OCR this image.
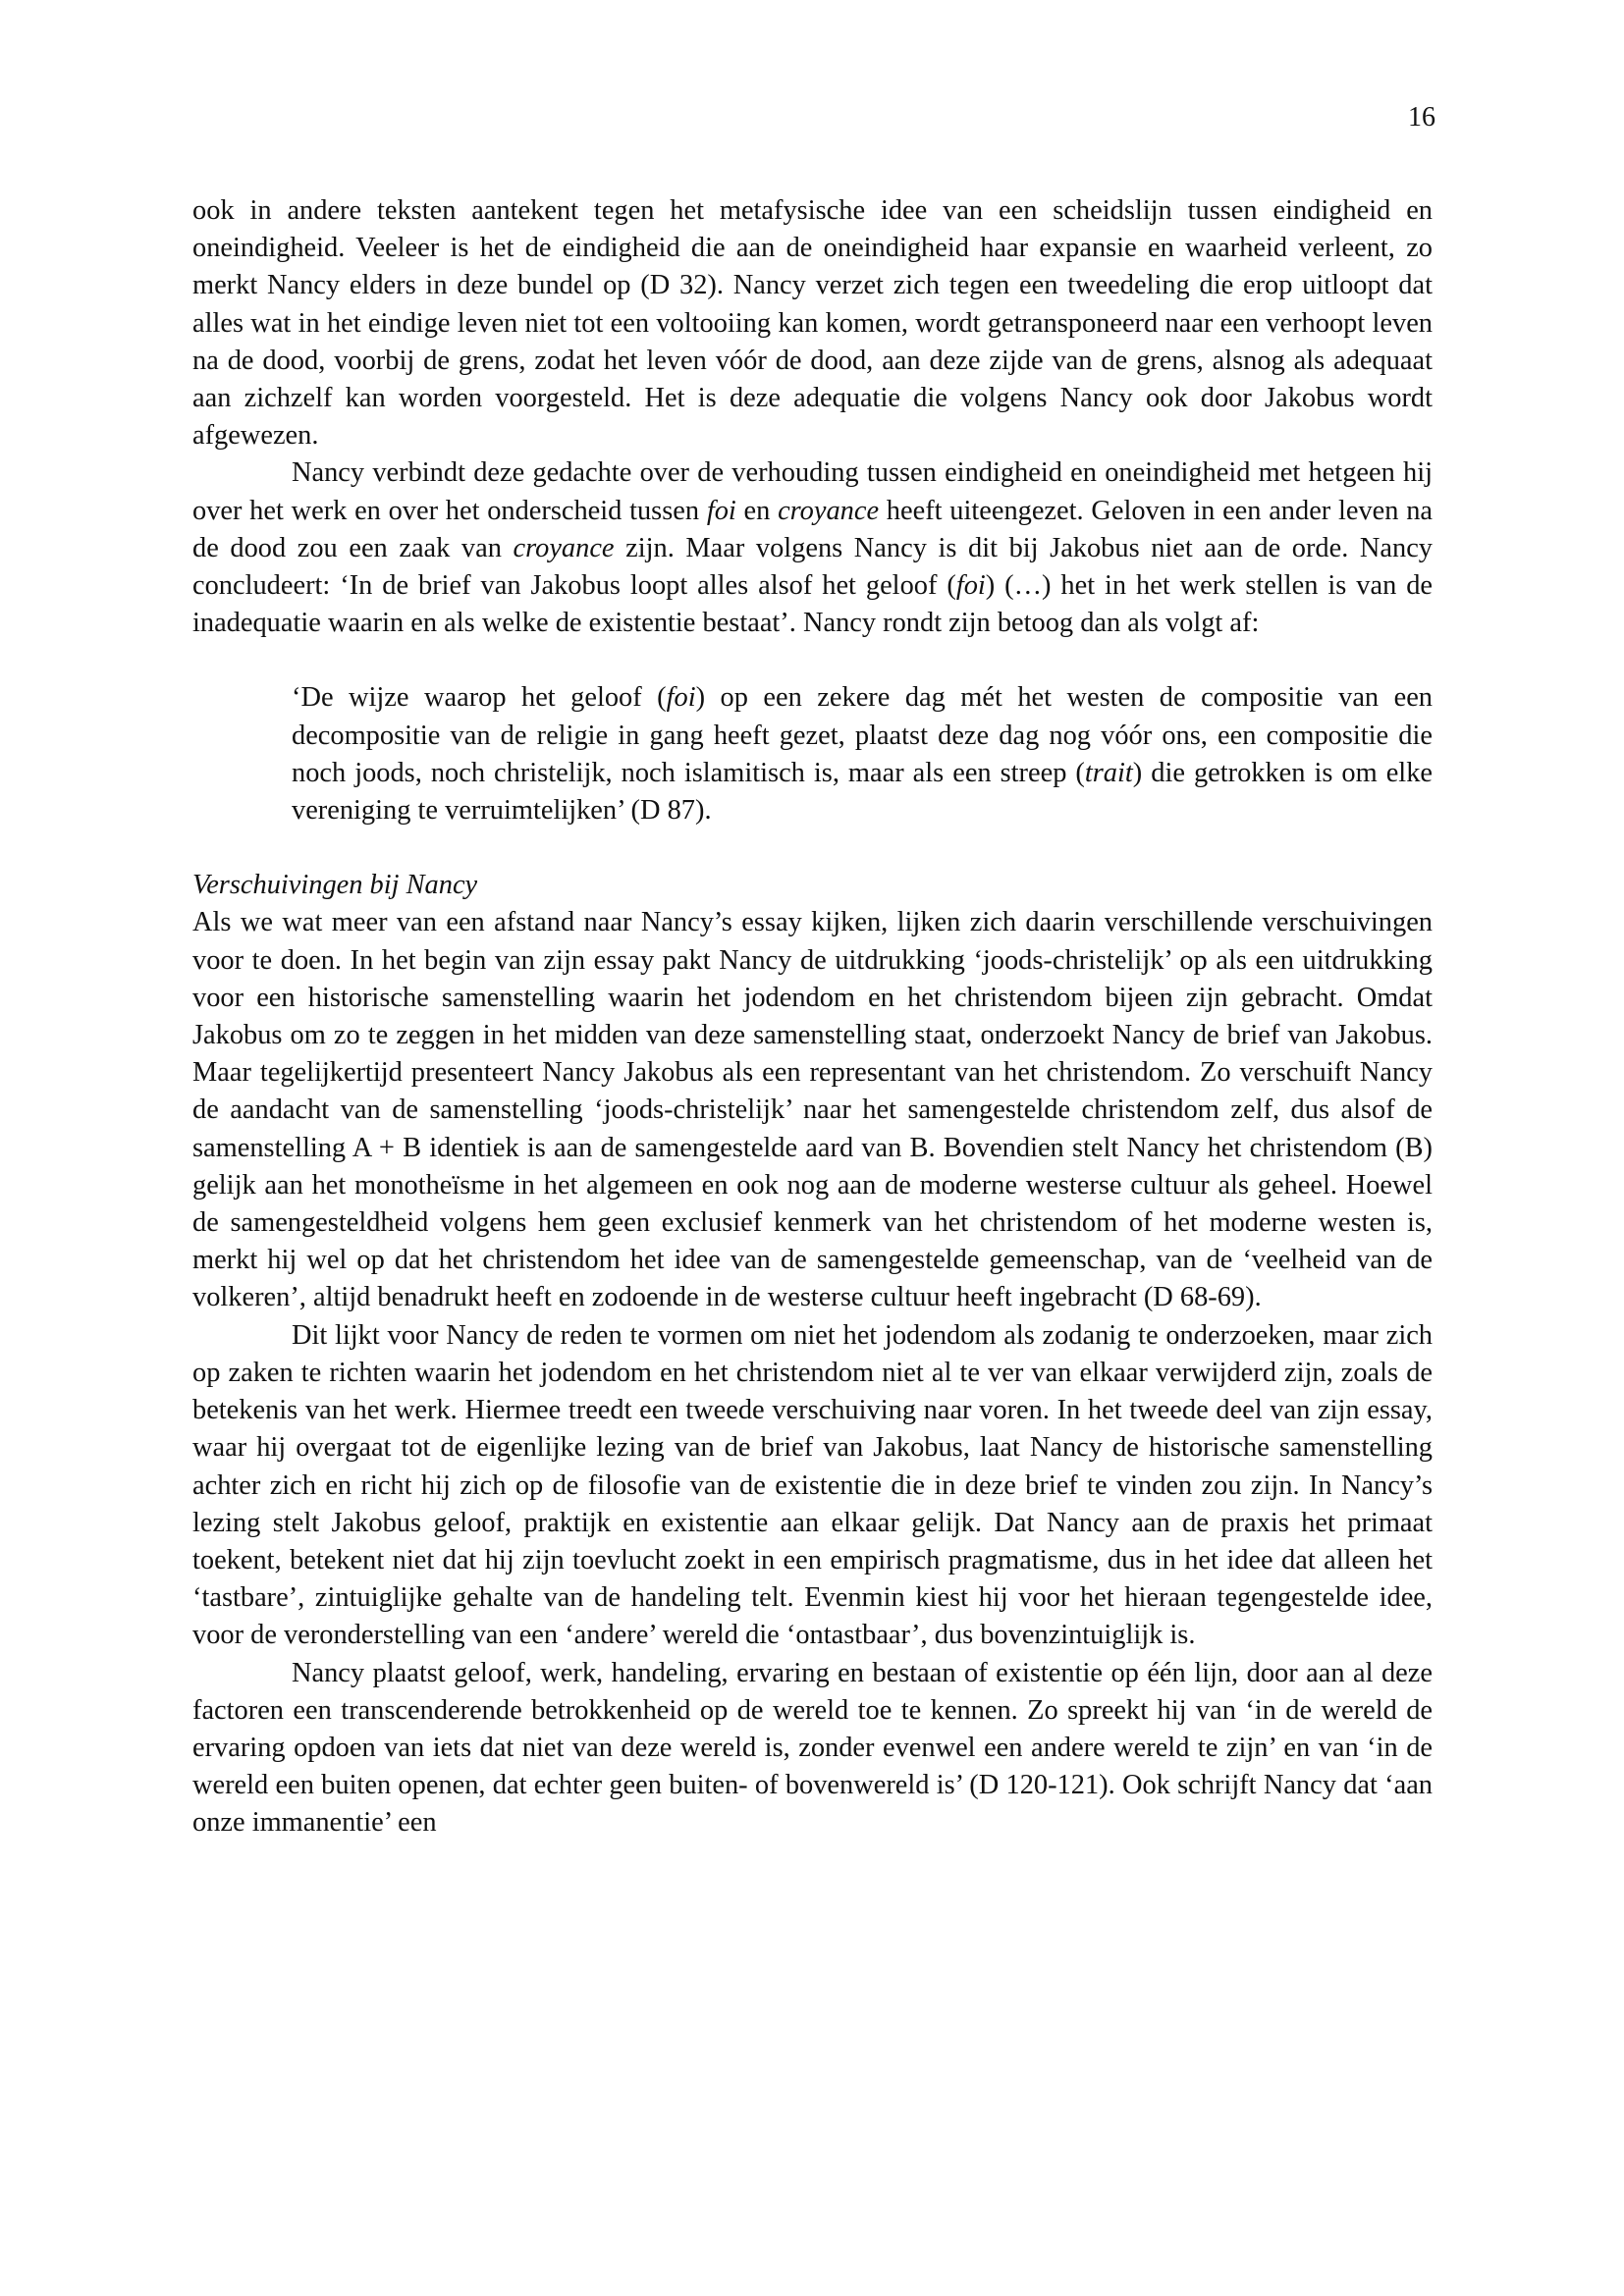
16

ook in andere teksten aantekent tegen het metafysische idee van een scheidslijn tussen eindigheid en oneindigheid. Veeleer is het de eindigheid die aan de oneindigheid haar expansie en waarheid verleent, zo merkt Nancy elders in deze bundel op (D 32). Nancy verzet zich tegen een tweedeling die erop uitloopt dat alles wat in het eindige leven niet tot een voltooiing kan komen, wordt getransponeerd naar een verhoopt leven na de dood, voorbij de grens, zodat het leven vóór de dood, aan deze zijde van de grens, alsnog als adequaat aan zichzelf kan worden voorgesteld. Het is deze adequatie die volgens Nancy ook door Jakobus wordt afgewezen.

Nancy verbindt deze gedachte over de verhouding tussen eindigheid en oneindigheid met hetgeen hij over het werk en over het onderscheid tussen foi en croyance heeft uiteengezet. Geloven in een ander leven na de dood zou een zaak van croyance zijn. Maar volgens Nancy is dit bij Jakobus niet aan de orde. Nancy concludeert: ‘In de brief van Jakobus loopt alles alsof het geloof (foi) (…) het in het werk stellen is van de inadequatie waarin en als welke de existentie bestaat’. Nancy rondt zijn betoog dan als volgt af:

‘De wijze waarop het geloof (foi) op een zekere dag mét het westen de compositie van een decompositie van de religie in gang heeft gezet, plaatst deze dag nog vóór ons, een compositie die noch joods, noch christelijk, noch islamitisch is, maar als een streep (trait) die getrokken is om elke vereniging te verruimtelijken’ (D 87).

Verschuivingen bij Nancy

Als we wat meer van een afstand naar Nancy’s essay kijken, lijken zich daarin verschillende verschuivingen voor te doen. In het begin van zijn essay pakt Nancy de uitdrukking ‘joods-christelijk’ op als een uitdrukking voor een historische samenstelling waarin het jodendom en het christendom bijeen zijn gebracht. Omdat Jakobus om zo te zeggen in het midden van deze samenstelling staat, onderzoekt Nancy de brief van Jakobus. Maar tegelijkertijd presenteert Nancy Jakobus als een representant van het christendom. Zo verschuift Nancy de aandacht van de samenstelling ‘joods-christelijk’ naar het samengestelde christendom zelf, dus alsof de samenstelling A + B identiek is aan de samengestelde aard van B. Bovendien stelt Nancy het christendom (B) gelijk aan het monotheïsme in het algemeen en ook nog aan de moderne westerse cultuur als geheel. Hoewel de samengesteldheid volgens hem geen exclusief kenmerk van het christendom of het moderne westen is, merkt hij wel op dat het christendom het idee van de samengestelde gemeenschap, van de ‘veelheid van de volkeren’, altijd benadrukt heeft en zodoende in de westerse cultuur heeft ingebracht (D 68-69).

Dit lijkt voor Nancy de reden te vormen om niet het jodendom als zodanig te onderzoeken, maar zich op zaken te richten waarin het jodendom en het christendom niet al te ver van elkaar verwijderd zijn, zoals de betekenis van het werk. Hiermee treedt een tweede verschuiving naar voren. In het tweede deel van zijn essay, waar hij overgaat tot de eigenlijke lezing van de brief van Jakobus, laat Nancy de historische samenstelling achter zich en richt hij zich op de filosofie van de existentie die in deze brief te vinden zou zijn. In Nancy’s lezing stelt Jakobus geloof, praktijk en existentie aan elkaar gelijk. Dat Nancy aan de praxis het primaat toekent, betekent niet dat hij zijn toevlucht zoekt in een empirisch pragmatisme, dus in het idee dat alleen het ‘tastbare’, zintuiglijke gehalte van de handeling telt. Evenmin kiest hij voor het hieraan tegengestelde idee, voor de veronderstelling van een ‘andere’ wereld die ‘ontastbaar’, dus bovenzintuiglijk is.

Nancy plaatst geloof, werk, handeling, ervaring en bestaan of existentie op één lijn, door aan al deze factoren een transcenderende betrokkenheid op de wereld toe te kennen. Zo spreekt hij van ‘in de wereld de ervaring opdoen van iets dat niet van deze wereld is, zonder evenwel een andere wereld te zijn’ en van ‘in de wereld een buiten openen, dat echter geen buiten- of bovenwereld is’ (D 120-121). Ook schrijft Nancy dat ‘aan onze immanentie’ een
